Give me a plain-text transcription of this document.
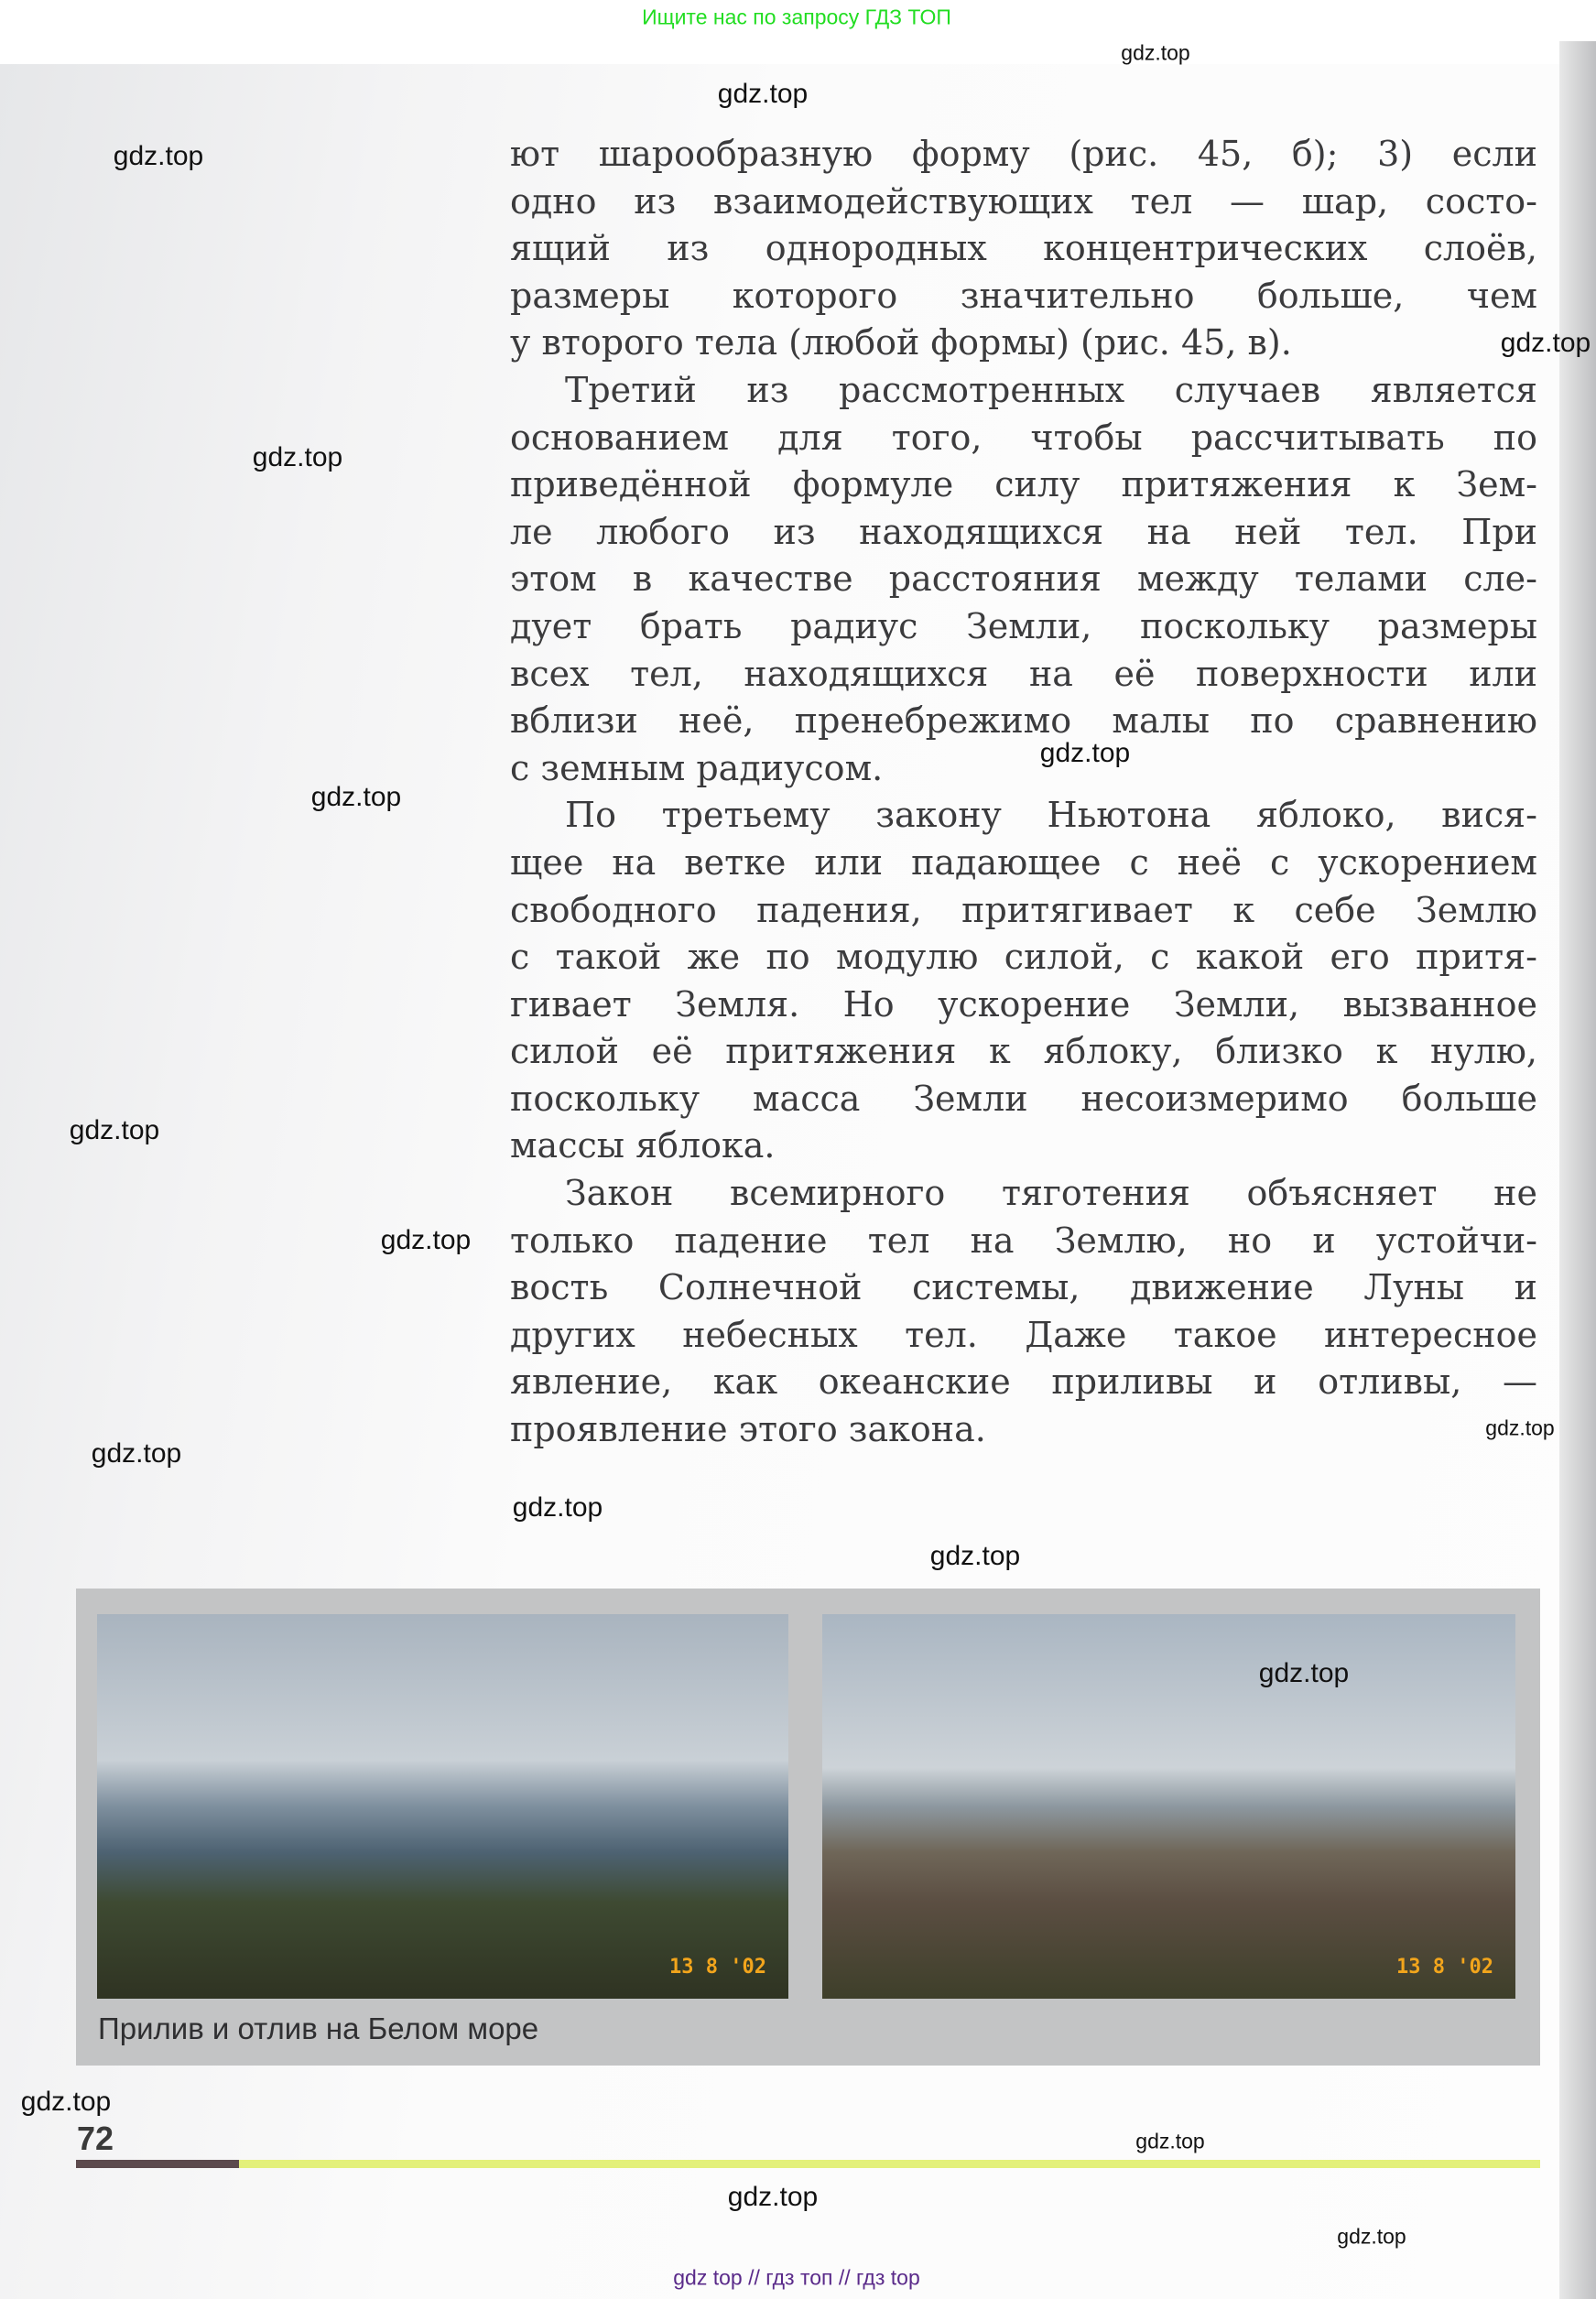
Ищите нас по запросу ГДЗ ТОП
ют шарообразную форму (рис. 45, б); 3) если
одно из взаимодействующих тел — шар, состо-
ящий из однородных концентрических слоёв,
размеры которого значительно больше, чем
у второго тела (любой формы) (рис. 45, в).
Третий из рассмотренных случаев является
основанием для того, чтобы рассчитывать по
приведённой формуле силу притяжения к Зем-
ле любого из находящихся на ней тел. При
этом в качестве расстояния между телами сле-
дует брать радиус Земли, поскольку размеры
всех тел, находящихся на её поверхности или
вблизи неё, пренебрежимо малы по сравнению
с земным радиусом.
По третьему закону Ньютона яблоко, вися-
щее на ветке или падающее с неё с ускорением
свободного падения, притягивает к себе Землю
с такой же по модулю силой, с какой его притя-
гивает Земля. Но ускорение Земли, вызванное
силой её притяжения к яблоку, близко к нулю,
поскольку масса Земли несоизмеримо больше
массы яблока.
Закон всемирного тяготения объясняет не
только падение тел на Землю, но и устойчи-
вость Солнечной системы, движение Луны и
других небесных тел. Даже такое интересное
явление, как океанские приливы и отливы, —
проявление этого закона.
13 8 '02	13 8 '02
Прилив и отлив на Белом море
72
gdz.top
gdz.top
gdz.top
gdz.top
gdz.top
gdz.top
gdz.top
gdz.top
gdz.top
gdz.top
gdz.top
gdz.top
gdz.top
gdz.top
gdz.top
gdz.top
gdz.top
gdz.top
gdz top // гдз топ // гдз top
